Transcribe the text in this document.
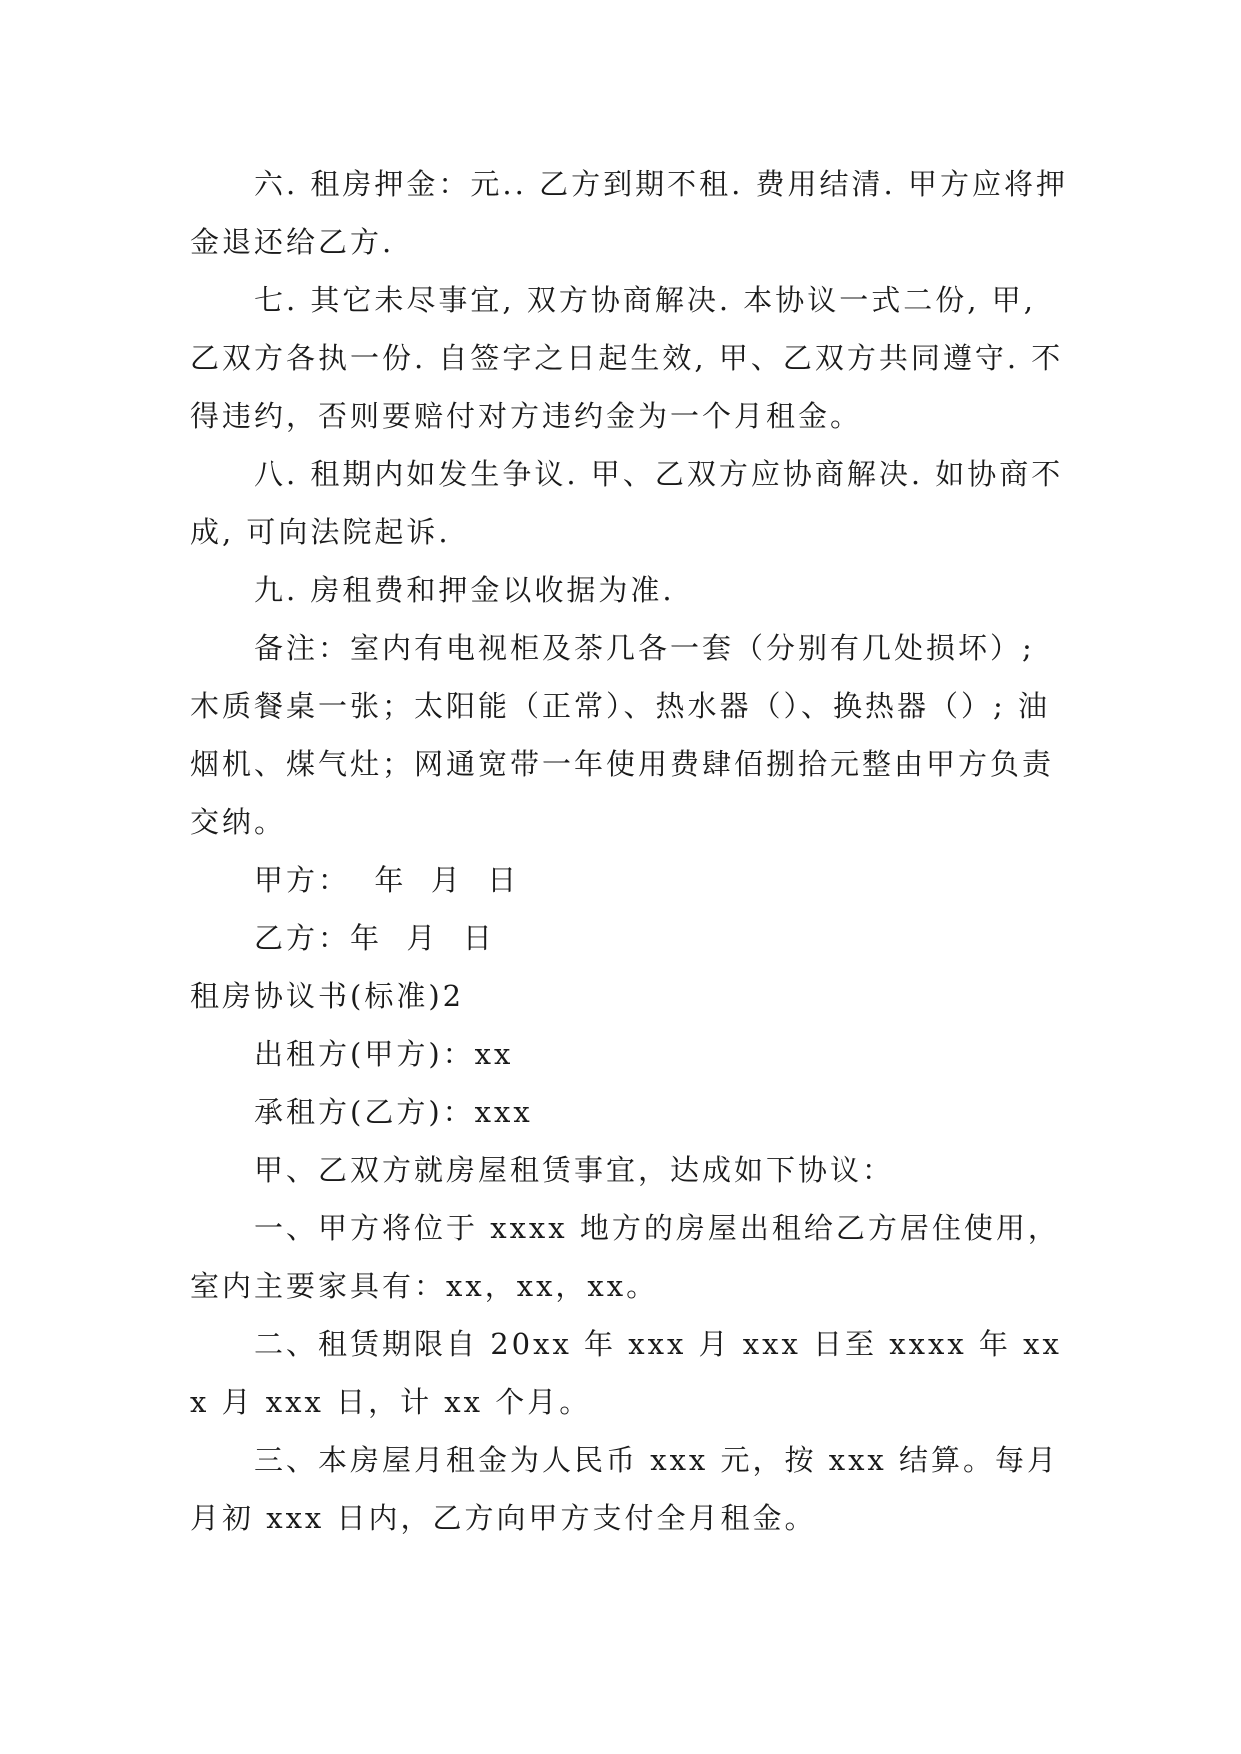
六. 租房押金：元.. 乙方到期不租. 费用结清. 甲方应将押金退还给乙方.

七. 其它未尽事宜, 双方协商解决. 本协议一式二份, 甲, 乙双方各执一份. 自签字之日起生效, 甲、乙双方共同遵守. 不得违约，否则要赔付对方违约金为一个月租金。

八. 租期内如发生争议. 甲、乙双方应协商解决. 如协商不成, 可向法院起诉.

九. 房租费和押金以收据为准.

备注：室内有电视柜及茶几各一套（分别有几处损坏）; 木质餐桌一张；太阳能（正常）、热水器（）、换热器（）; 油烟机、煤气灶；网通宽带一年使用费肆佰捌拾元整由甲方负责交纳。

甲方：  年  月  日

乙方：年  月  日

租房协议书(标准)2

出租方(甲方)：xx

承租方(乙方)：xxx

甲、乙双方就房屋租赁事宜，达成如下协议：

一、甲方将位于 xxxx 地方的房屋出租给乙方居住使用，室内主要家具有：xx，xx，xx。

二、租赁期限自 20xx 年 xxx 月 xxx 日至 xxxx 年 xxx 月 xxx 日，计 xx 个月。

三、本房屋月租金为人民币 xxx 元，按 xxx 结算。每月月初 xxx 日内，乙方向甲方支付全月租金。
